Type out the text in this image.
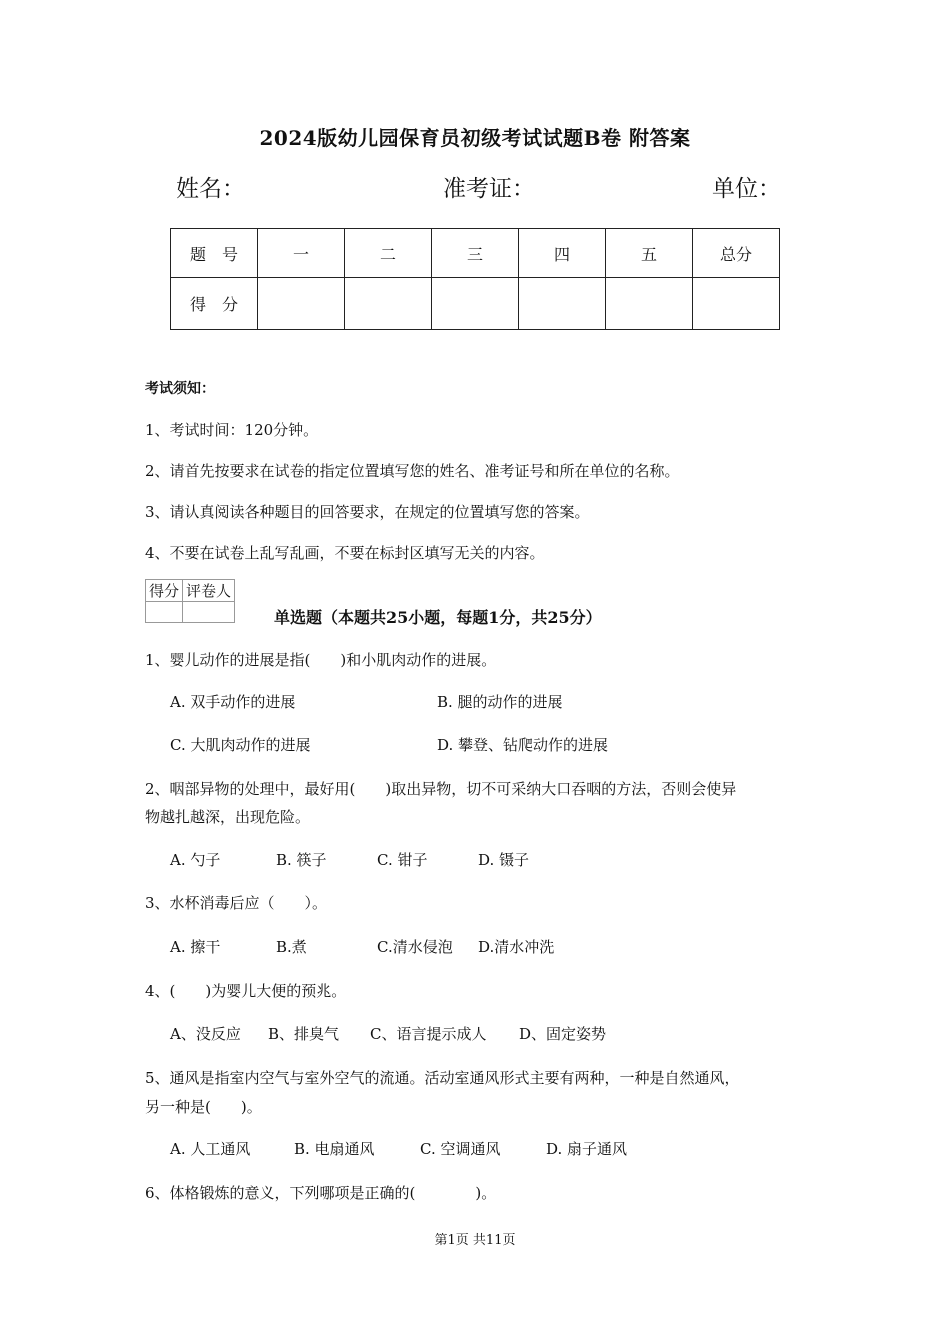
2024版幼儿园保育员初级考试试题B卷 附答案
姓名：	准考证：	单位：
题　号	一	二	三	四	五	总分
得　分						
考试须知：
1、考试时间：120分钟。
2、请首先按要求在试卷的指定位置填写您的姓名、准考证号和所在单位的名称。
3、请认真阅读各种题目的回答要求，在规定的位置填写您的答案。
4、不要在试卷上乱写乱画，不要在标封区填写无关的内容。
得分	评卷人

单选题（本题共25小题，每题1分，共25分）
1、婴儿动作的进展是指(　　)和小肌肉动作的进展。
A. 双手动作的进展	B. 腿的动作的进展
C. 大肌肉动作的进展	D. 攀登、钻爬动作的进展
2、咽部异物的处理中，最好用(　　)取出异物，切不可采纳大口吞咽的方法，否则会使异
物越扎越深，出现危险。
A. 勺子	B. 筷子	C. 钳子	D. 镊子
3、水杯消毒后应（　　）。
A. 擦干	B.煮	C.清水侵泡 D.清水冲洗
4、(　　)为婴儿大便的预兆。
A、没反应 B、排臭气 C、语言提示成人 D、固定姿势
5、通风是指室内空气与室外空气的流通。活动室通风形式主要有两种，一种是自然通风，
另一种是(　　)。
A. 人工通风	B. 电扇通风	C. 空调通风	D. 扇子通风
6、体格锻炼的意义，下列哪项是正确的(　　　　)。
第1页 共11页
